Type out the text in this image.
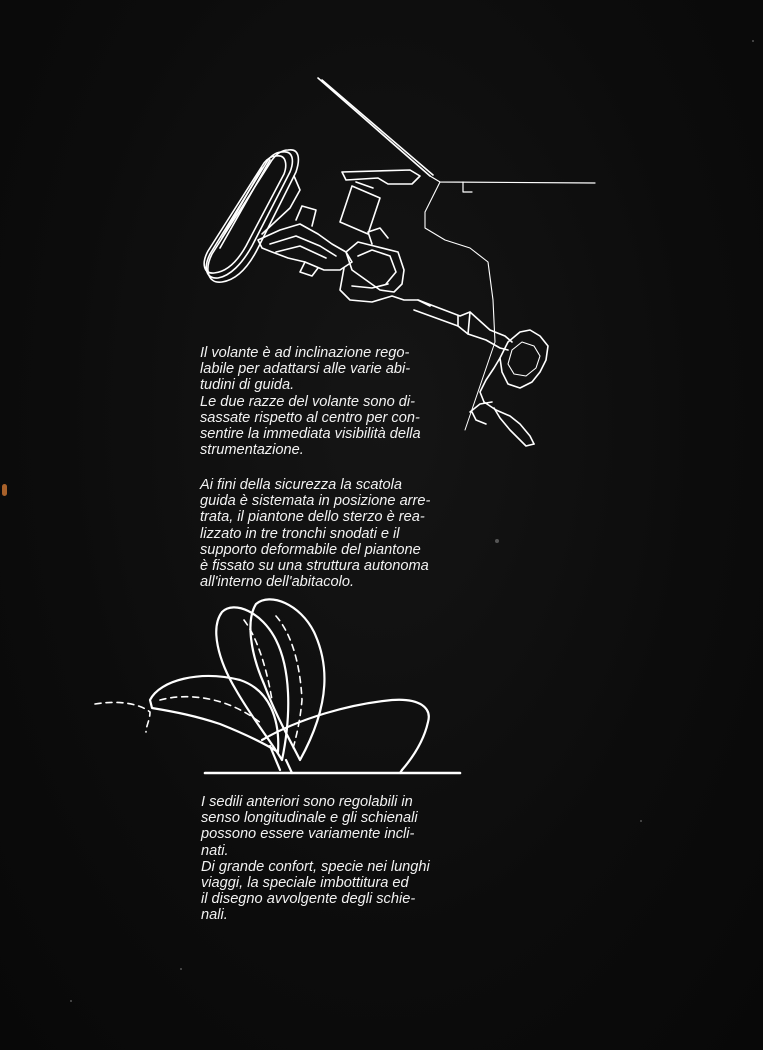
Il volante è ad inclinazione rego-

labile per adattarsi alle varie abi-

tudini di guida.

Le due razze del volante sono di-

sassate rispetto al centro per con-

sentire la immediata visibilità della

strumentazione.

Ai fini della sicurezza la scatola

guida è sistemata in posizione arre-

trata, il piantone dello sterzo è rea-

lizzato in tre tronchi snodati e il

supporto deformabile del piantone

è fissato su una struttura autonoma

all'interno dell'abitacolo.

I sedili anteriori sono regolabili in

senso longitudinale e gli schienali

possono essere variamente incli-

nati.

Di grande confort, specie nei lunghi

viaggi, la speciale imbottitura ed

il disegno avvolgente degli schie-

nali.
